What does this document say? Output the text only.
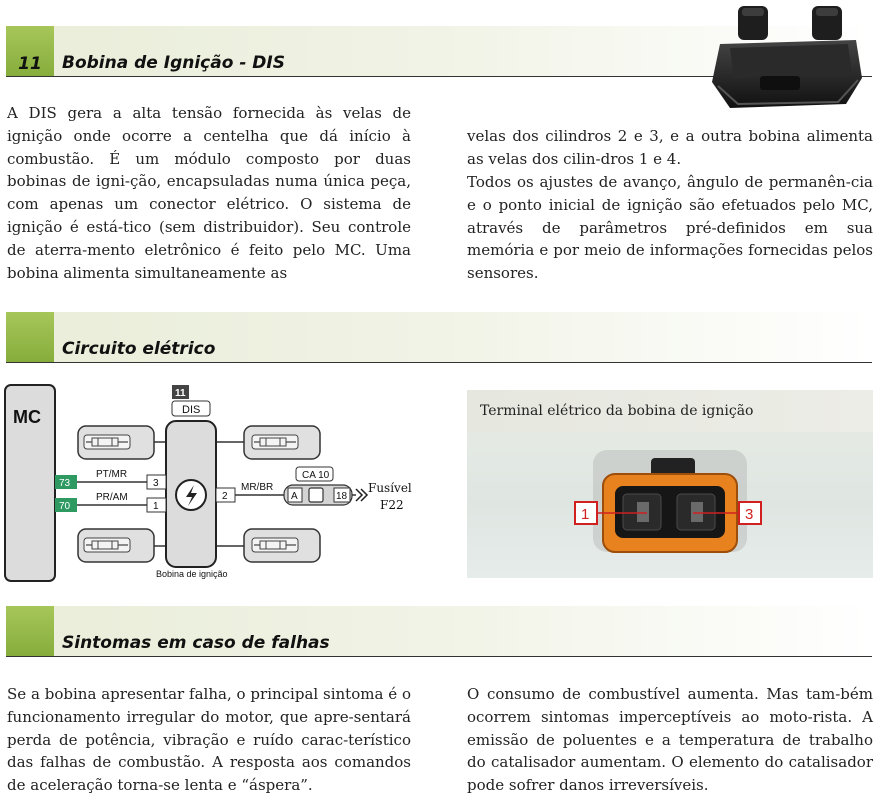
11	Bobina de Ignição - DIS

A DIS gera a alta tensão fornecida às velas de ignição onde ocorre a centelha que dá início à combustão. É um módulo composto por duas bobinas de igni-ção, encapsuladas numa única peça, com apenas um conector elétrico. O sistema de ignição é está-tico (sem distribuidor). Seu controle de aterra-mento eletrônico é feito pelo MC. Uma bobina alimenta simultaneamente as

velas dos cilindros 2 e 3, e a outra bobina alimenta as velas dos cilin-dros 1 e 4.

Todos os ajustes de avanço, ângulo de permanên-cia e o ponto inicial de ignição são efetuados pelo MC, através de parâmetros pré-definidos em sua memória e por meio de informações fornecidas pelos sensores.

Circuito elétrico
MC
11
DIS
Bobina de ignição
73
70
PT/MR
PR/AM
3
1
2
MR/BR
CA 10
A	18
Fusível
F22
Terminal elétrico da bobina de ignição
1	3
Sintomas em caso de falhas

Se a bobina apresentar falha, o principal sintoma é o funcionamento irregular do motor, que apre-sentará perda de potência, vibração e ruído carac-terístico das falhas de combustão. A resposta aos comandos de aceleração torna-se lenta e “áspera”.

O consumo de combustível aumenta. Mas tam-bém ocorrem sintomas imperceptíveis ao moto-rista. A emissão de poluentes e a temperatura de trabalho do catalisador aumentam. O elemento do catalisador pode sofrer danos irreversíveis.
